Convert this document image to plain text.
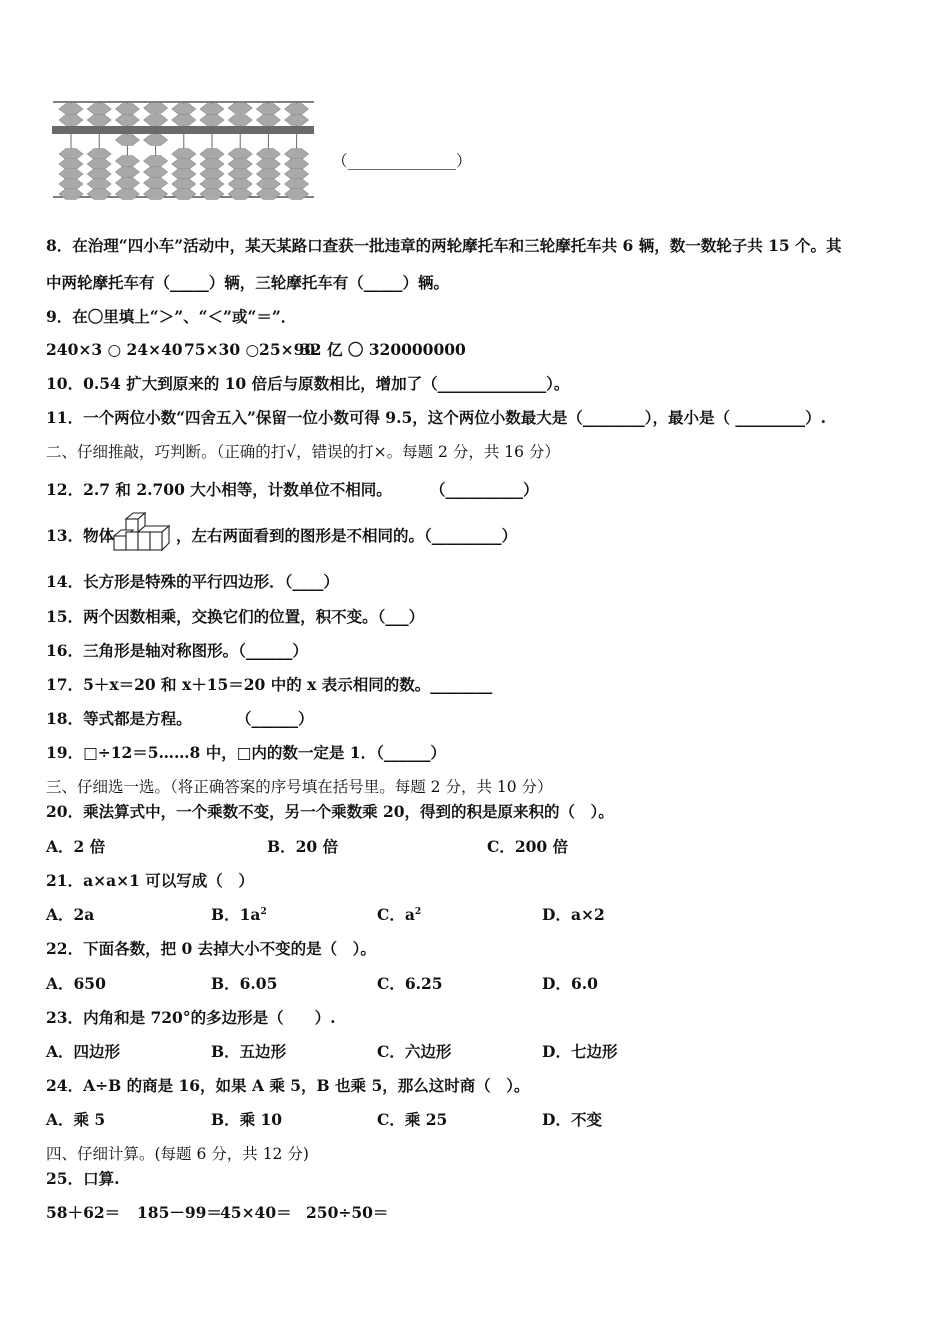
（______________）
8．在治理“四小车”活动中，某天某路口查获一批违章的两轮摩托车和三轮摩托车共 6 辆，数一数轮子共 15 个。其
中两轮摩托车有（_____）辆，三轮摩托车有（_____）辆。
9．在〇里填上“＞”、“＜”或“＝”．
240×3 ○ 24×40 75×30 ○25×90
32 亿 〇 320000000
10．0.54 扩大到原来的 10 倍后与原数相比，增加了（______________）。
11．一个两位小数“四舍五入”保留一位小数可得 9.5，这个两位小数最大是（________），最小是（ _________）.
二、仔细推敲，巧判断。（正确的打√，错误的打×。每题 2 分，共 16 分）
12．2.7 和 2.700 大小相等，计数单位不相同。 （__________）
13．物体	，左右两面看到的图形是不相同的。（_________）
14．长方形是特殊的平行四边形．（____）
15．两个因数相乘，交换它们的位置，积不变。（___）
16．三角形是轴对称图形。（______）
17．5＋x＝20 和 x＋15＝20 中的 x 表示相同的数。________
18．等式都是方程。	（______）
19．□÷12＝5……8 中，□内的数一定是 1．（______）
三、仔细选一选。（将正确答案的序号填在括号里。每题 2 分，共 10 分）
20．乘法算式中，一个乘数不变，另一个乘数乘 20，得到的积是原来积的（　）。
A．2 倍	B．20 倍	C．200 倍
21．a×a×1 可以写成（　）
A．2a	B．$1a^2$	C．$a^2$	D．a×2
22．下面各数，把 0 去掉大小不变的是（　）。
A．650	B．6.05	C．6.25	D．6.0
23．内角和是 720°的多边形是（　　）.
A．四边形	B．五边形	C．六边形	D．七边形
24．A÷B 的商是 16，如果 A 乘 5，B 也乘 5，那么这时商（　）。
A．乘 5	B．乘 10	C．乘 25	D．不变
四、仔细计算。(每题 6 分，共 12 分)
25．口算.
58＋62＝ 185－99＝
45×40＝ 250÷50＝
